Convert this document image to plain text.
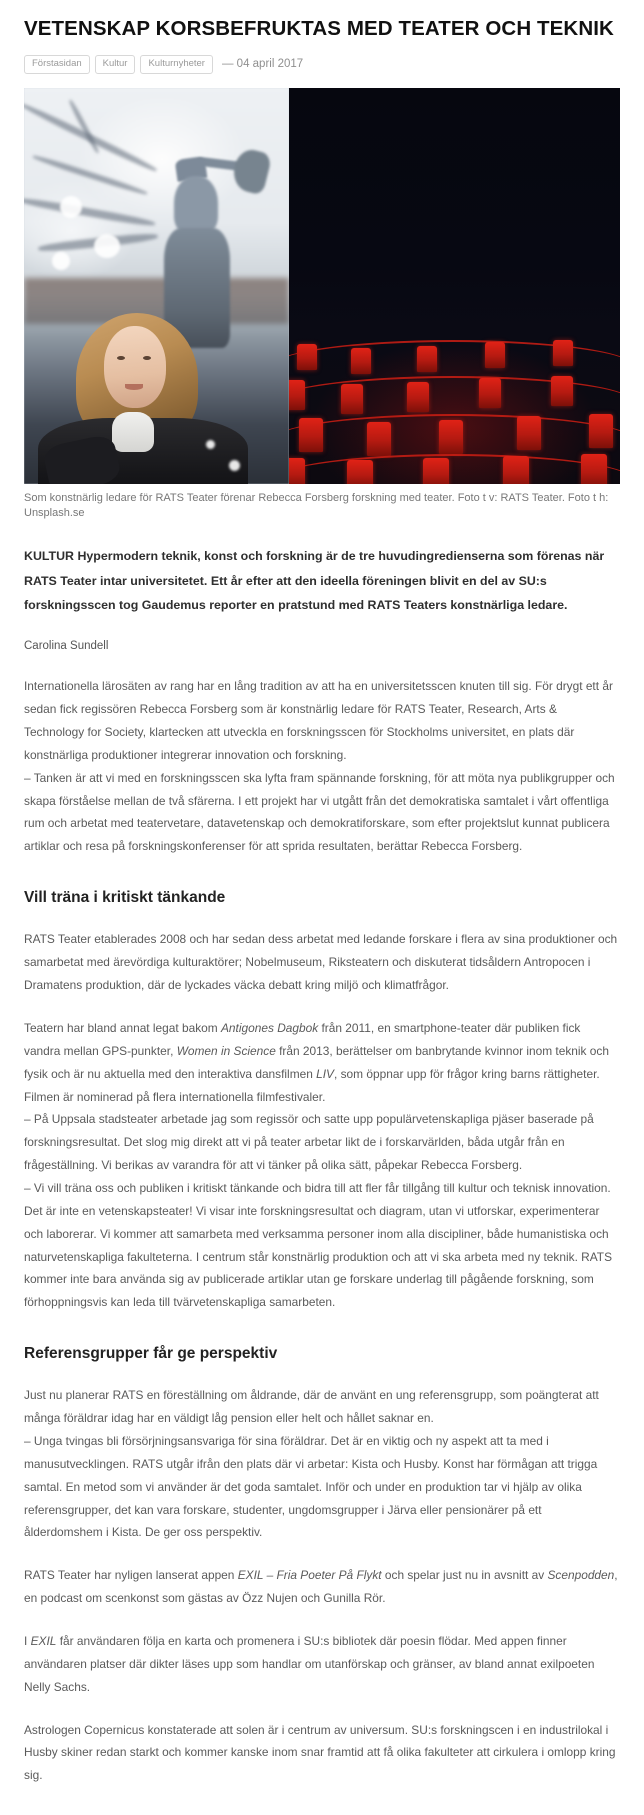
VETENSKAP KORSBEFRUKTAS MED TEATER OCH TEKNIK
Förstasidan	Kultur	Kulturnyheter	— 04 april 2017
Som konstnärlig ledare för RATS Teater förenar Rebecca Forsberg forskning med teater. Foto t v: RATS Teater. Foto t h: Unsplash.se

KULTUR Hypermodern teknik, konst och forskning är de tre huvudingredienserna som förenas när RATS Teater intar universitetet. Ett år efter att den ideella föreningen blivit en del av SU:s forskningsscen tog Gaudemus reporter en pratstund med RATS Teaters konstnärliga ledare.

Carolina Sundell

Internationella lärosäten av rang har en lång tradition av att ha en universitetsscen knuten till sig. För drygt ett år sedan fick regissören Rebecca Forsberg som är konstnärlig ledare för RATS Teater, Research, Arts & Technology for Society, klartecken att utveckla en forskningsscen för Stockholms universitet, en plats där konstnärliga produktioner integrerar innovation och forskning.
– Tanken är att vi med en forskningsscen ska lyfta fram spännande forskning, för att möta nya publikgrupper och skapa förståelse mellan de två sfärerna. I ett projekt har vi utgått från det demokratiska samtalet i vårt offentliga rum och arbetat med teatervetare, datavetenskap och demokratiforskare, som efter projektslut kunnat publicera artiklar och resa på forskningskonferenser för att sprida resultaten, berättar Rebecca Forsberg.

Vill träna i kritiskt tänkande

RATS Teater etablerades 2008 och har sedan dess arbetat med ledande forskare i flera av sina produktioner och samarbetat med ärevördiga kulturaktörer; Nobelmuseum, Riksteatern och diskuterat tidsåldern Antropocen i Dramatens produktion, där de lyckades väcka debatt kring miljö och klimatfrågor.

Teatern har bland annat legat bakom Antigones Dagbok från 2011, en smartphone-teater där publiken fick vandra mellan GPS-punkter, Women in Science från 2013, berättelser om banbrytande kvinnor inom teknik och fysik och är nu aktuella med den interaktiva dansfilmen LIV, som öppnar upp för frågor kring barns rättigheter. Filmen är nominerad på flera internationella filmfestivaler.
– På Uppsala stadsteater arbetade jag som regissör och satte upp populärvetenskapliga pjäser baserade på forskningsresultat. Det slog mig direkt att vi på teater arbetar likt de i forskarvärlden, båda utgår från en frågeställning. Vi berikas av varandra för att vi tänker på olika sätt, påpekar Rebecca Forsberg.
– Vi vill träna oss och publiken i kritiskt tänkande och bidra till att fler får tillgång till kultur och teknisk innovation. Det är inte en vetenskapsteater! Vi visar inte forskningsresultat och diagram, utan vi utforskar, experimenterar och laborerar. Vi kommer att samarbeta med verksamma personer inom alla discipliner, både humanistiska och naturvetenskapliga fakulteterna. I centrum står konstnärlig produktion och att vi ska arbeta med ny teknik. RATS kommer inte bara använda sig av publicerade artiklar utan ge forskare underlag till pågående forskning, som förhoppningsvis kan leda till tvärvetenskapliga samarbeten.

Referensgrupper får ge perspektiv

Just nu planerar RATS en föreställning om åldrande, där de använt en ung referensgrupp, som poängterat att många föräldrar idag har en väldigt låg pension eller helt och hållet saknar en.
– Unga tvingas bli försörjningsansvariga för sina föräldrar. Det är en viktig och ny aspekt att ta med i manusutvecklingen. RATS utgår ifrån den plats där vi arbetar: Kista och Husby. Konst har förmågan att trigga samtal. En metod som vi använder är det goda samtalet. Inför och under en produktion tar vi hjälp av olika referensgrupper, det kan vara forskare, studenter, ungdomsgrupper i Järva eller pensionärer på ett ålderdomshem i Kista. De ger oss perspektiv.

RATS Teater har nyligen lanserat appen EXIL – Fria Poeter På Flykt och spelar just nu in avsnitt av Scenpodden, en podcast om scenkonst som gästas av Özz Nujen och Gunilla Rör.

I EXIL får användaren följa en karta och promenera i SU:s bibliotek där poesin flödar. Med appen finner användaren platser där dikter läses upp som handlar om utanförskap och gränser, av bland annat exilpoeten Nelly Sachs.

Astrologen Copernicus konstaterade att solen är i centrum av universum. SU:s forskningscen i en industrilokal i Husby skiner redan starkt och kommer kanske inom snar framtid att få olika fakulteter att cirkulera i omlopp kring sig.
